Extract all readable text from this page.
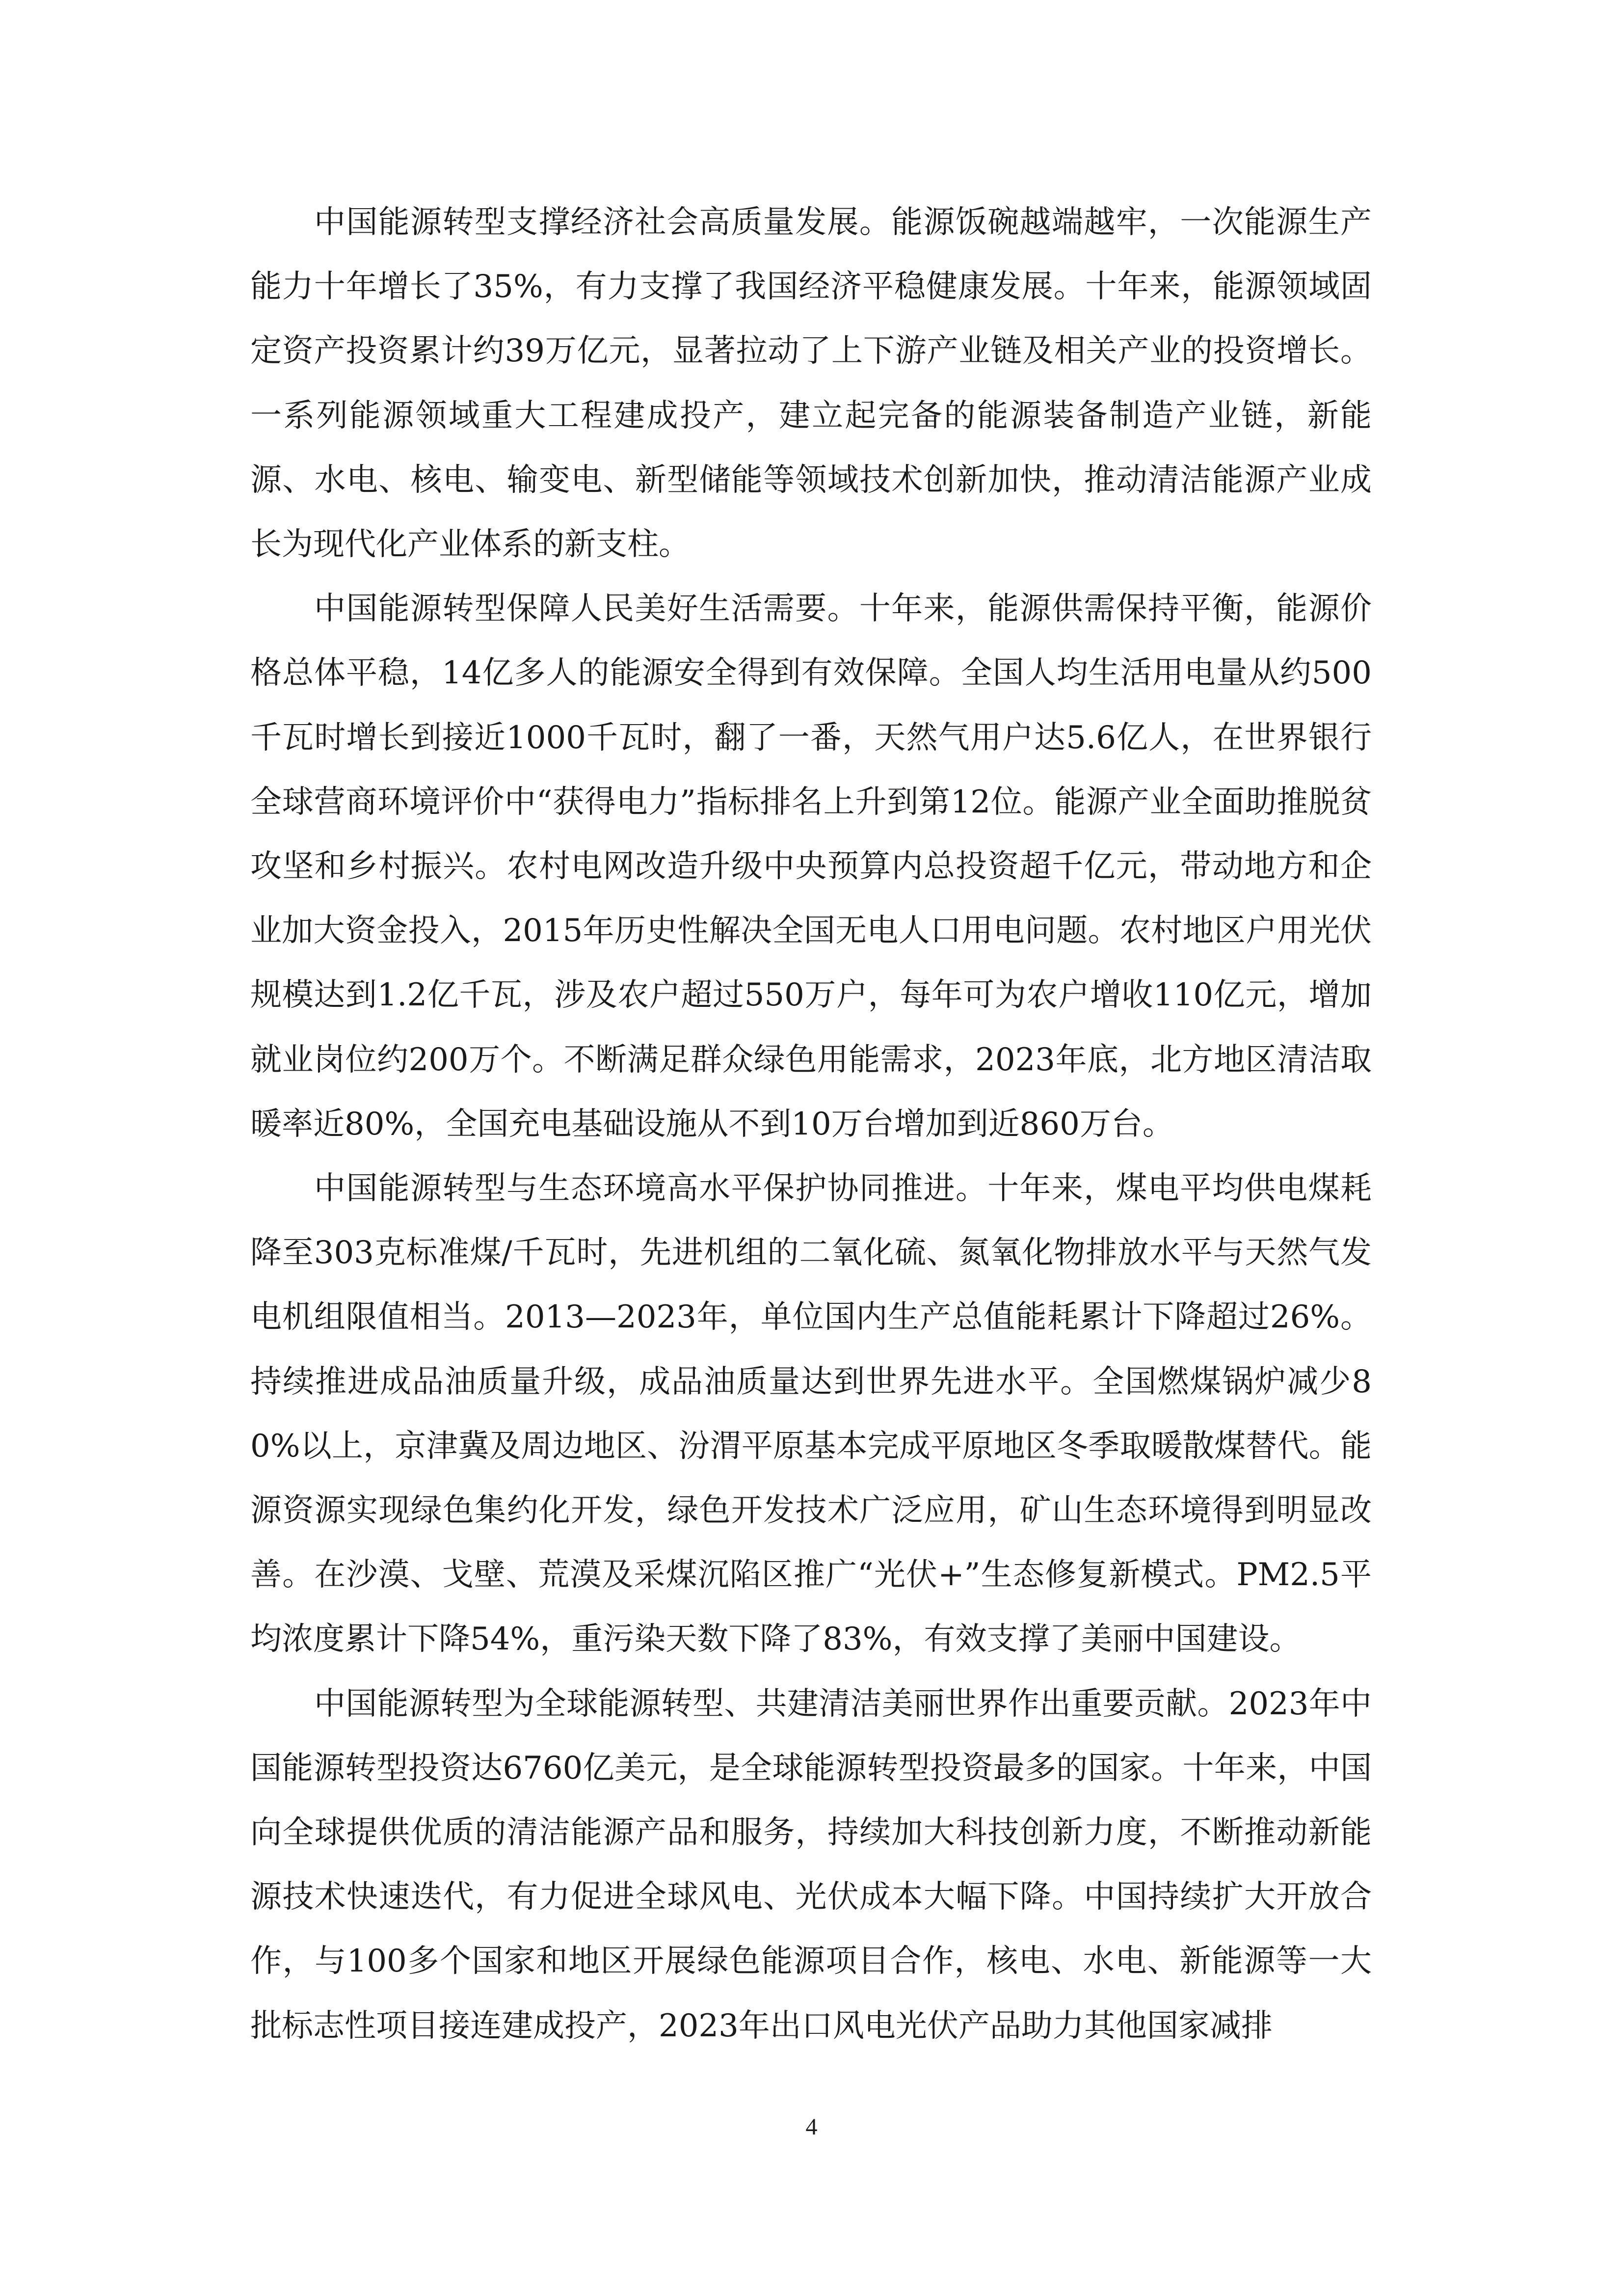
中国能源转型支撑经济社会高质量发展。能源饭碗越端越牢，一次能源生产能力十年增长了35%，有力支撑了我国经济平稳健康发展。十年来，能源领域固定资产投资累计约39万亿元，显著拉动了上下游产业链及相关产业的投资增长。一系列能源领域重大工程建成投产，建立起完备的能源装备制造产业链，新能源、水电、核电、输变电、新型储能等领域技术创新加快，推动清洁能源产业成长为现代化产业体系的新支柱。

中国能源转型保障人民美好生活需要。十年来，能源供需保持平衡，能源价格总体平稳，14亿多人的能源安全得到有效保障。全国人均生活用电量从约500千瓦时增长到接近1000千瓦时，翻了一番，天然气用户达5.6亿人，在世界银行全球营商环境评价中“获得电力”指标排名上升到第12位。能源产业全面助推脱贫攻坚和乡村振兴。农村电网改造升级中央预算内总投资超千亿元，带动地方和企业加大资金投入，2015年历史性解决全国无电人口用电问题。农村地区户用光伏规模达到1.2亿千瓦，涉及农户超过550万户，每年可为农户增收110亿元，增加就业岗位约200万个。不断满足群众绿色用能需求，2023年底，北方地区清洁取暖率近80%，全国充电基础设施从不到10万台增加到近860万台。

中国能源转型与生态环境高水平保护协同推进。十年来，煤电平均供电煤耗降至303克标准煤/千瓦时，先进机组的二氧化硫、氮氧化物排放水平与天然气发电机组限值相当。2013—2023年，单位国内生产总值能耗累计下降超过26%。持续推进成品油质量升级，成品油质量达到世界先进水平。全国燃煤锅炉减少80%以上，京津冀及周边地区、汾渭平原基本完成平原地区冬季取暖散煤替代。能源资源实现绿色集约化开发，绿色开发技术广泛应用，矿山生态环境得到明显改善。在沙漠、戈壁、荒漠及采煤沉陷区推广“光伏+”生态修复新模式。PM2.5平均浓度累计下降54%，重污染天数下降了83%，有效支撑了美丽中国建设。

中国能源转型为全球能源转型、共建清洁美丽世界作出重要贡献。2023年中国能源转型投资达6760亿美元，是全球能源转型投资最多的国家。十年来，中国向全球提供优质的清洁能源产品和服务，持续加大科技创新力度，不断推动新能源技术快速迭代，有力促进全球风电、光伏成本大幅下降。中国持续扩大开放合作，与100多个国家和地区开展绿色能源项目合作，核电、水电、新能源等一大批标志性项目接连建成投产，2023年出口风电光伏产品助力其他国家减排

4
